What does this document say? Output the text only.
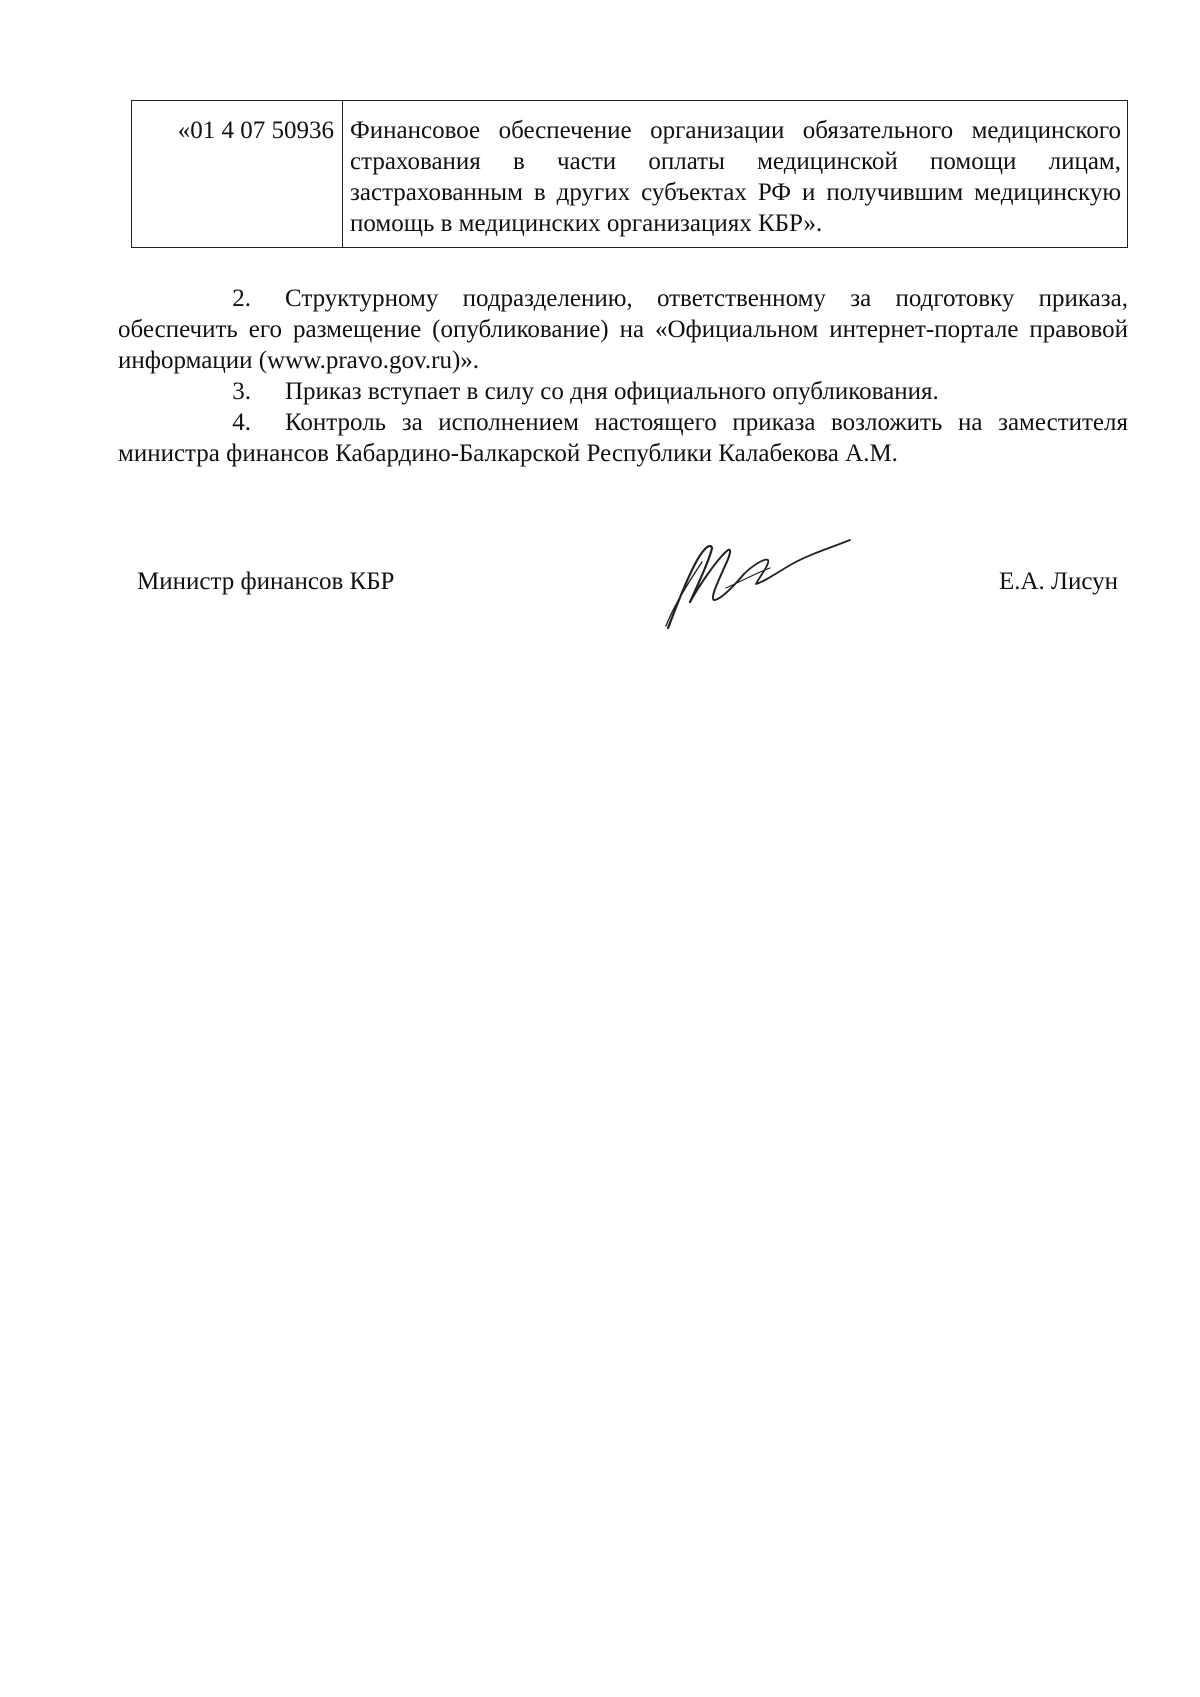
«01 4 07 50936	Финансовое обеспечение организации обязательного медицинского страхования в части оплаты медицинской помощи лицам, застрахованным в других субъектах РФ и получившим медицинскую помощь в медицинских организациях КБР».

2. Структурному подразделению, ответственному за подготовку приказа, обеспечить его размещение (опубликование) на «Официальном интернет-портале правовой информации (www.pravo.gov.ru)».

3. Приказ вступает в силу со дня официального опубликования.

4. Контроль за исполнением настоящего приказа возложить на заместителя министра финансов Кабардино-Балкарской Республики Калабекова А.М.

Министр финансов КБР	Е.А. Лисун
